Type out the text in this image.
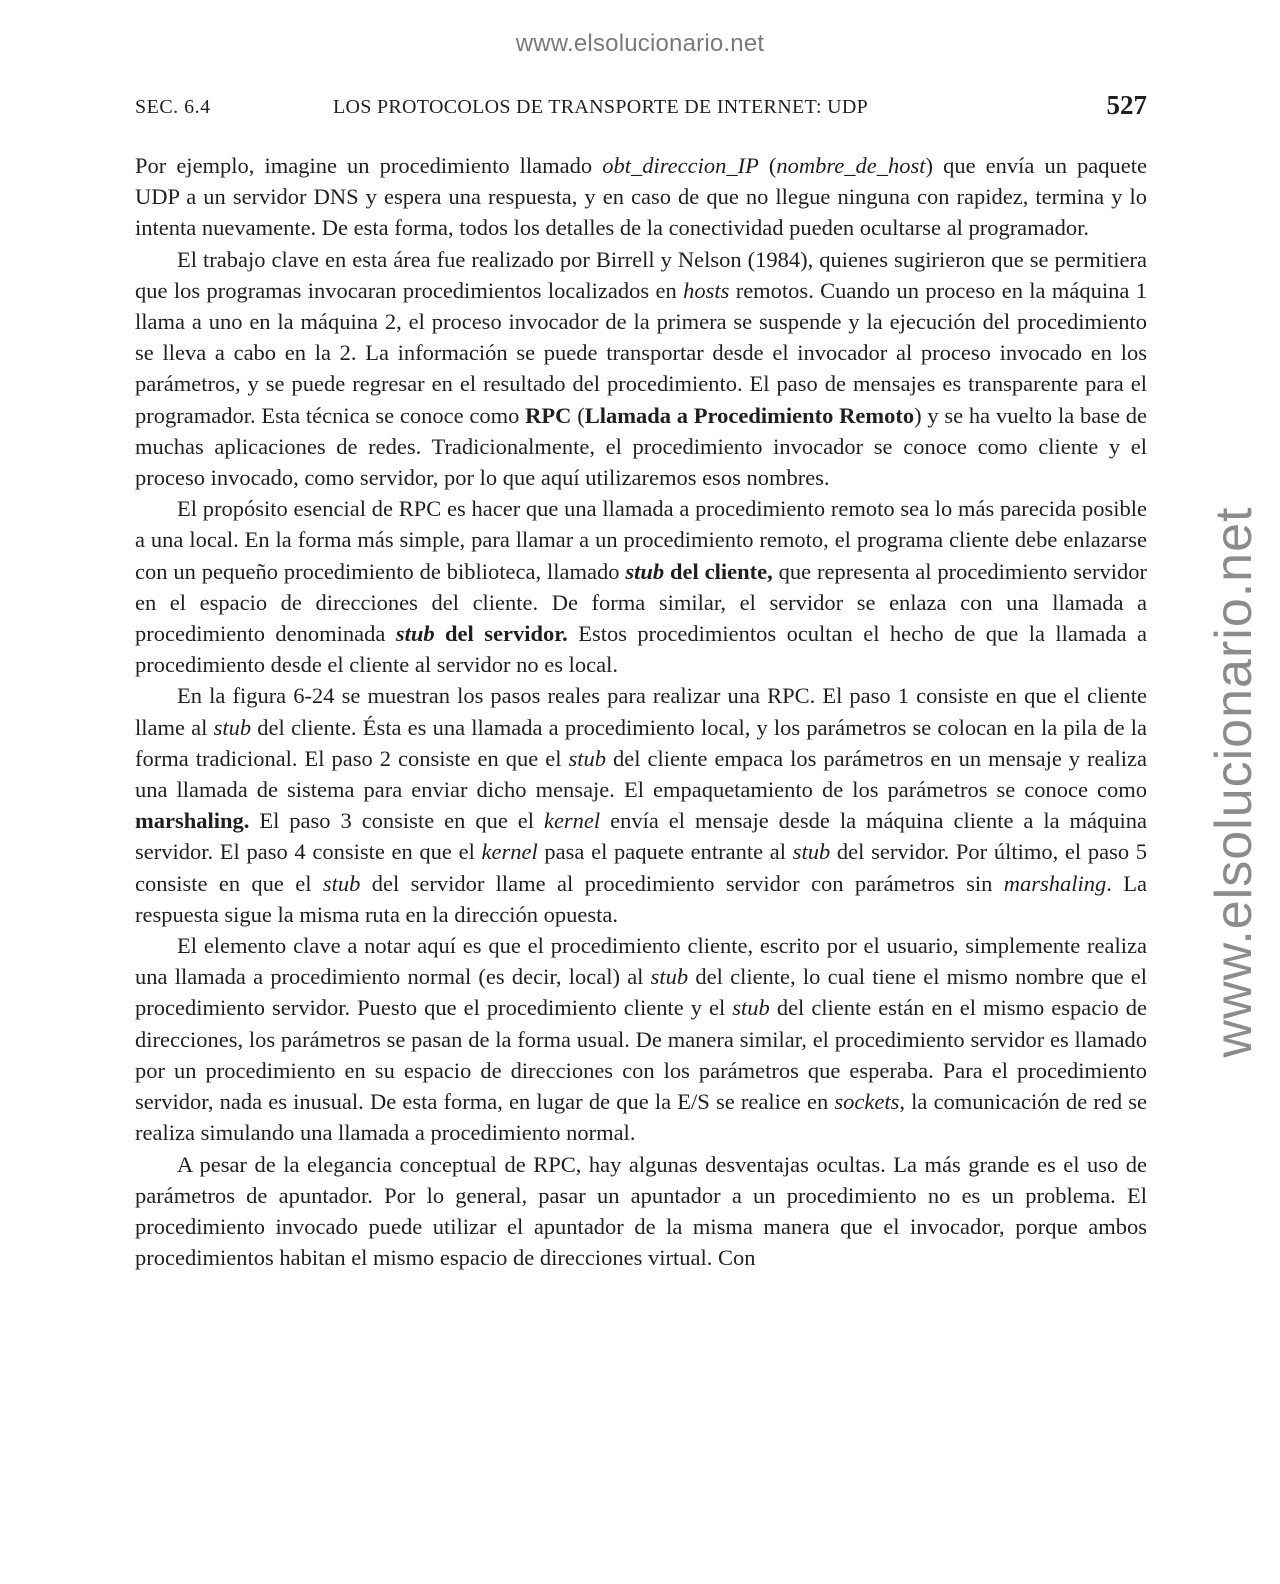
www.elsolucionario.net
www.elsolucionario.net
SEC. 6.4	LOS PROTOCOLOS DE TRANSPORTE DE INTERNET: UDP	527

Por ejemplo, imagine un procedimiento llamado obt_direccion_IP (nombre_de_host) que envía un paquete UDP a un servidor DNS y espera una respuesta, y en caso de que no llegue ninguna con rapidez, termina y lo intenta nuevamente. De esta forma, todos los detalles de la conectividad pueden ocultarse al programador.

El trabajo clave en esta área fue realizado por Birrell y Nelson (1984), quienes sugirieron que se permitiera que los programas invocaran procedimientos localizados en hosts remotos. Cuando un proceso en la máquina 1 llama a uno en la máquina 2, el proceso invocador de la primera se suspende y la ejecución del procedimiento se lleva a cabo en la 2. La información se puede transportar desde el invocador al proceso invocado en los parámetros, y se puede regresar en el resultado del procedimiento. El paso de mensajes es transparente para el programador. Esta técnica se conoce como RPC (Llamada a Procedimiento Remoto) y se ha vuelto la base de muchas aplicaciones de redes. Tradicionalmente, el procedimiento invocador se conoce como cliente y el proceso invocado, como servidor, por lo que aquí utilizaremos esos nombres.

El propósito esencial de RPC es hacer que una llamada a procedimiento remoto sea lo más parecida posible a una local. En la forma más simple, para llamar a un procedimiento remoto, el programa cliente debe enlazarse con un pequeño procedimiento de biblioteca, llamado stub del cliente, que representa al procedimiento servidor en el espacio de direcciones del cliente. De forma similar, el servidor se enlaza con una llamada a procedimiento denominada stub del servidor. Estos procedimientos ocultan el hecho de que la llamada a procedimiento desde el cliente al servidor no es local.

En la figura 6-24 se muestran los pasos reales para realizar una RPC. El paso 1 consiste en que el cliente llame al stub del cliente. Ésta es una llamada a procedimiento local, y los parámetros se colocan en la pila de la forma tradicional. El paso 2 consiste en que el stub del cliente empaca los parámetros en un mensaje y realiza una llamada de sistema para enviar dicho mensaje. El empaquetamiento de los parámetros se conoce como marshaling. El paso 3 consiste en que el kernel envía el mensaje desde la máquina cliente a la máquina servidor. El paso 4 consiste en que el kernel pasa el paquete entrante al stub del servidor. Por último, el paso 5 consiste en que el stub del servidor llame al procedimiento servidor con parámetros sin marshaling. La respuesta sigue la misma ruta en la dirección opuesta.

El elemento clave a notar aquí es que el procedimiento cliente, escrito por el usuario, simplemente realiza una llamada a procedimiento normal (es decir, local) al stub del cliente, lo cual tiene el mismo nombre que el procedimiento servidor. Puesto que el procedimiento cliente y el stub del cliente están en el mismo espacio de direcciones, los parámetros se pasan de la forma usual. De manera similar, el procedimiento servidor es llamado por un procedimiento en su espacio de direcciones con los parámetros que esperaba. Para el procedimiento servidor, nada es inusual. De esta forma, en lugar de que la E/S se realice en sockets, la comunicación de red se realiza simulando una llamada a procedimiento normal.

A pesar de la elegancia conceptual de RPC, hay algunas desventajas ocultas. La más grande es el uso de parámetros de apuntador. Por lo general, pasar un apuntador a un procedimiento no es un problema. El procedimiento invocado puede utilizar el apuntador de la misma manera que el invocador, porque ambos procedimientos habitan el mismo espacio de direcciones virtual. Con
